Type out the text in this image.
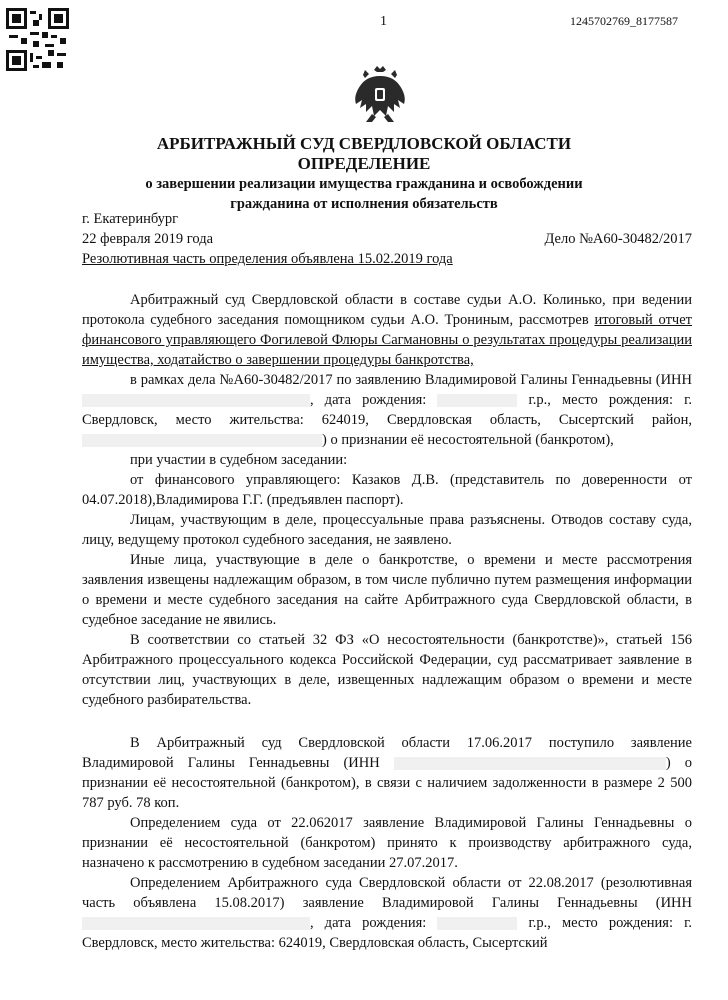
1	1245702769_8177587
АРБИТРАЖНЫЙ СУД СВЕРДЛОВСКОЙ ОБЛАСТИ
ОПРЕДЕЛЕНИЕ
о завершении реализации имущества гражданина и освобождении гражданина от исполнения обязательств
г. Екатеринбург
22 февраля 2019 года	Дело №А60-30482/2017
Резолютивная часть определения объявлена 15.02.2019 года

Арбитражный суд Свердловской области в составе судьи А.О. Колинько, при ведении протокола судебного заседания помощником судьи А.О. Трониным, рассмотрев итоговый отчет финансового управляющего Фогилевой Флюры Сагмановны о результатах процедуры реализации имущества, ходатайство о завершении процедуры банкротства,

в рамках дела №А60-30482/2017 по заявлению Владимировой Галины Геннадьевны (ИНН , дата рождения:	г.р., место рождения: г. Свердловск, место жительства: 624019, Свердловская область, Сысертский район, ) о признании её несостоятельной (банкротом),

при участии в судебном заседании:

от финансового управляющего: Казаков Д.В. (представитель по доверенности от 04.07.2018),Владимирова Г.Г. (предъявлен паспорт).

Лицам, участвующим в деле, процессуальные права разъяснены. Отводов составу суда, лицу, ведущему протокол судебного заседания, не заявлено.

Иные лица, участвующие в деле о банкротстве, о времени и месте рассмотрения заявления извещены надлежащим образом, в том числе публично путем размещения информации о времени и месте судебного заседания на сайте Арбитражного суда Свердловской области, в судебное заседание не явились.

В соответствии со статьей 32 ФЗ «О несостоятельности (банкротстве)», статьей 156 Арбитражного процессуального кодекса Российской Федерации, суд рассматривает заявление в отсутствии лиц, участвующих в деле, извещенных надлежащим образом о времени и месте судебного разбирательства.

В Арбитражный суд Свердловской области 17.06.2017 поступило заявление Владимировой Галины Геннадьевны (ИНН	) о признании её несостоятельной (банкротом), в связи с наличием задолженности в размере 2 500 787 руб. 78 коп.

Определением суда от 22.062017 заявление Владимировой Галины Геннадьевны о признании её несостоятельной (банкротом) принято к производству арбитражного суда, назначено к рассмотрению в судебном заседании 27.07.2017.

Определением Арбитражного суда Свердловской области от 22.08.2017 (резолютивная часть объявлена 15.08.2017) заявление Владимировой Галины Геннадьевны (ИНН , дата рождения:	г.р., место рождения: г. Свердловск, место жительства: 624019, Свердловская область, Сысертский
